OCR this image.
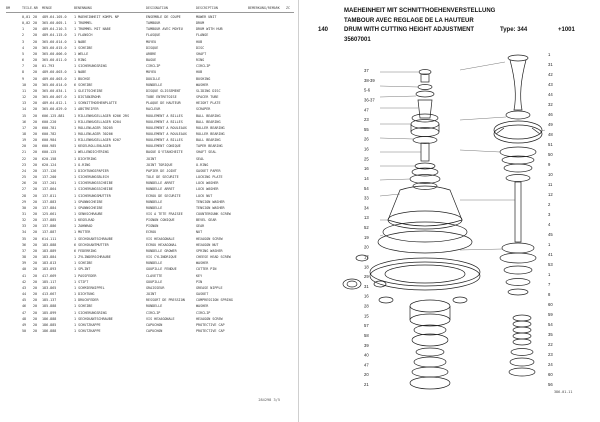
BM	TEILE-NR MENGE	BENENNUNG	DESIGNATION	DESCRIPTION	BEMERKUNG/REMARK ZC
0,01 20	489.64.105.0	1 MAEHEINHEIT KOMPL NP	ENSEMBLE DE COUPE	MOWER UNIT
0,02 20	365.60.005.1	1 TROMMEL	TAMBOUR	DRUM
1	20	489.64.210.3	1 TROMMEL MIT NABE	TAMBOUR AVEC MOYEU	DRUM WITH HUB
2	20	489.64.115.0	1 FLANSCH	FLASQUE	FLANGE
3	20	365.60.014.0	1 NABE	MOYEU	HUB
4	20	365.60.015.0	1 SCHEIBE	DISQUE	DISC
5	20	365.60.006.0	1 WELLE	ARBRE	SHAFT
6	20	365.60.011.0	1 RING	BAGUE	RING
7	20	01.793	1 SICHERUNGSRING	CIRCLIP	CIRCLIP
8	20	489.60.003.0	1 NABE	MOYEU	HUB
9	20	489.60.003.0	1 BUCHSE	DOUILLE	BUSHING
10	20	365.60.014.0	6 SCHEIBE	RONDELLE	WASHER
11	20	365.60.034.1	1 GLEITSCHEIBE	DISQUE GLISSEMENT	SLIDING DISC
12	20	365.60.007.0	1 DISTANZROHR	TUBE ENTRETOISE	SPACER TUBE
13	20	489.64.012.1	1 SCHNITTHOEHENPLATTE	PLAQUE DE HAUTEUR	HEIGHT PLATE
14	20	365.60.029.0	1 ABSTREIFER	RACLEUR	SCRAPER
15	20	606.125.881	1 RILLENKUGELLAGER 6206 2RS	ROULEMENT A BILLES	BALL BEARING
16	20	600.220	1 RILLENKUGELLAGER 6204	ROULEMENT A BILLES	BALL BEARING
17	20	600.781	1 ROLLENLAGER 30205	ROULEMENT A ROULEAUX	ROLLER BEARING
18	20	600.782	1 ROLLENLAGER 30206	ROULEMENT A ROULEAUX	ROLLER BEARING
19	20	600.984	1 RILLENKUGELLAGER 6207	ROULEMENT A BILLES	BALL BEARING
20	20	600.985	1 KEGELROLLENLAGER	ROULEMENT CONIQUE	TAPER BEARING
21	20	600.125	1 WELLENDICHTRING	BAGUE D'ETANCHEITE	SHAFT SEAL
22	20	620.158	1 DICHTRING	JOINT	SEAL
23	20	620.124	1 O-RING	JOINT TORIQUE	O-RING
24	20	137.126	1 DICHTUNGSPAPIER	PAPIER DE JOINT	GASKET PAPER
25	20	137.200	1 SICHERUNGSBLECH	TOLE DE SECURITE	LOCKING PLATE
26	20	137.201	1 SICHERUNGSSCHEIBE	RONDELLE ARRET	LOCK WASHER
27	20	137.864	1 SICHERUNGSSCHEIBE	RONDELLE ARRET	LOCK WASHER
28	20	137.811	1 SICHERUNGSMUTTER	ECROU DE SECURITE	LOCK NUT
29	20	137.883	1 SPANNSCHEIBE	RONDELLE	TENSION WASHER
30	20	137.884	1 SPANNSCHEIBE	RONDELLE	TENSION WASHER
31	20	125.661	1 SENKSCHRAUBE	VIS A TETE FRAISEE	COUNTERSUNK SCREW
32	20	137.885	1 KEGELRAD	PIGNON CONIQUE	BEVEL GEAR
33	20	137.886	1 ZAHNRAD	PIGNON	GEAR
34	20	137.887	1 MUTTER	ECROU	NUT
35	20	614.111	1 SECHSKANTSCHRAUBE	VIS HEXAGONALE	HEXAGON SCREW
36	20	183.888	6 SECHSKANTMUTTER	ECROU HEXAGONAL	HEXAGON NUT
37	20	183.889	6 FEDERRING	RONDELLE GROWER	SPRING WASHER
38	20	183.884	1 ZYLINDERSCHRAUBE	VIS CYLINDRIQUE	CHEESE HEAD SCREW
39	20	183.813	1 SCHEIBE	RONDELLE	WASHER
40	20	183.893	1 SPLINT	GOUPILLE FENDUE	COTTER PIN
41	20	417.669	1 PASSFEDER	CLAVETTE	KEY
42	20	185.117	1 STIFT	GOUPILLE	PIN
43	20	183.865	1 SCHMIERNIPPEL	GRAISSEUR	GREASE NIPPLE
44	20	413.667	1 DICHTUNG	JOINT	GASKET
45	20	185.137	1 DRUCKFEDER	RESSORT DE PRESSION	COMPRESSION SPRING
46	20	185.888	1 SCHEIBE	RONDELLE	WASHER
47	20	185.899	1 SICHERUNGSRING	CIRCLIP	CIRCLIP
48	20	186.888	1 SECHSKANTSCHRAUBE	VIS HEXAGONALE	HEXAGON SCREW
49	20	186.885	1 SCHUTZKAPPE	CAPUCHON	PROTECTIVE CAP
50	20	186.888	1 SCHUTZKAPPE	CAPUCHON	PROTECTIVE CAP
284298 3/5
140
MAEHEINHEIT MIT SCHNITTHOEHENVERSTELLUNG
TAMBOUR AVEC REGLAGE DE LA HAUTEUR
DRUM WITH CUTTING HEIGHT ADJUSTMENT
35607001
Type: 344	+1001
37
38-39
5-6
36-37
47
23
55
26
16
25
16
14
54
33
34
13
52
19
20
17
18
29
31
16
28
15
57
58
39
40
47
20
21
1
31
42
43
44
32
46
49
48
51
50
9
10
11
12
2
3
4
45
1
41
53
1
7
8
60
59
54
35
22
23
24
60
56
386-01-11
